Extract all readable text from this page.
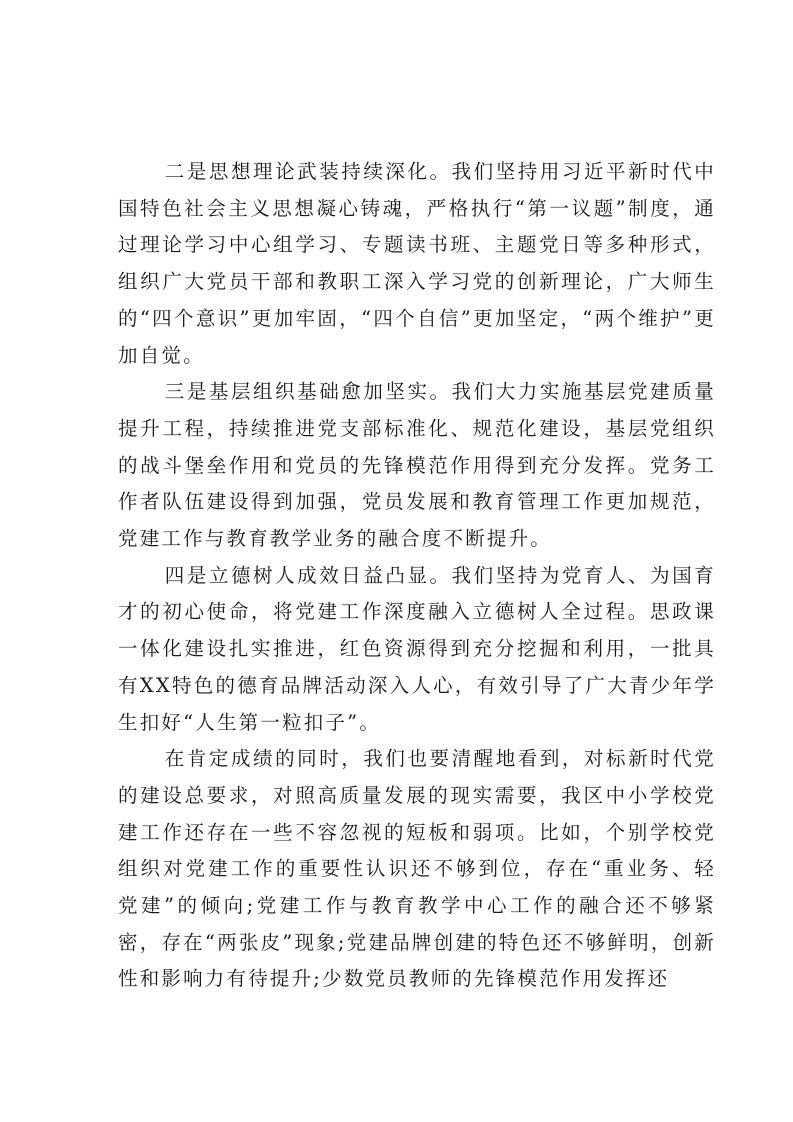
二是思想理论武装持续深化。我们坚持用习近平新时代中国特色社会主义思想凝心铸魂，严格执行“第一议题”制度，通过理论学习中心组学习、专题读书班、主题党日等多种形式，组织广大党员干部和教职工深入学习党的创新理论，广大师生的“四个意识”更加牢固，“四个自信”更加坚定，“两个维护”更加自觉。

三是基层组织基础愈加坚实。我们大力实施基层党建质量提升工程，持续推进党支部标准化、规范化建设，基层党组织的战斗堡垒作用和党员的先锋模范作用得到充分发挥。党务工作者队伍建设得到加强，党员发展和教育管理工作更加规范，党建工作与教育教学业务的融合度不断提升。

四是立德树人成效日益凸显。我们坚持为党育人、为国育才的初心使命，将党建工作深度融入立德树人全过程。思政课一体化建设扎实推进，红色资源得到充分挖掘和利用，一批具有XX特色的德育品牌活动深入人心，有效引导了广大青少年学生扣好“人生第一粒扣子”。

在肯定成绩的同时，我们也要清醒地看到，对标新时代党的建设总要求，对照高质量发展的现实需要，我区中小学校党建工作还存在一些不容忽视的短板和弱项。比如，个别学校党组织对党建工作的重要性认识还不够到位，存在“重业务、轻党建”的倾向;党建工作与教育教学中心工作的融合还不够紧密，存在“两张皮”现象;党建品牌创建的特色还不够鲜明，创新性和影响力有待提升;少数党员教师的先锋模范作用发挥还
